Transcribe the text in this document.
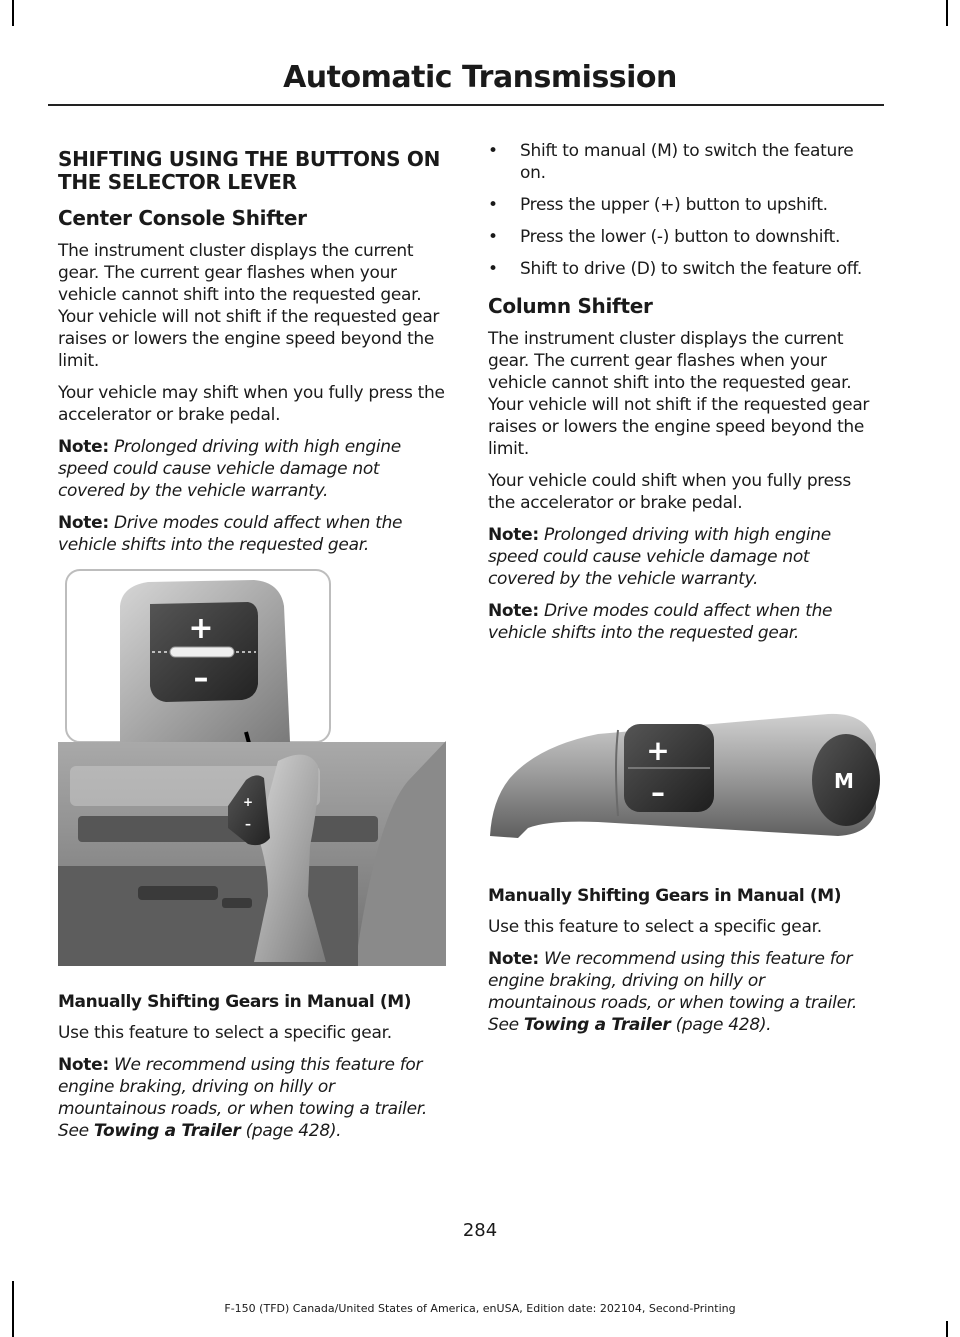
Automatic Transmission
SHIFTING USING THE BUTTONS ON THE SELECTOR LEVER
Center Console Shifter

The instrument cluster displays the current gear. The current gear flashes when your vehicle cannot shift into the requested gear. Your vehicle will not shift if the requested gear raises or lowers the engine speed beyond the limit.

Your vehicle may shift when you fully press the accelerator or brake pedal.

Note: Prolonged driving with high engine speed could cause vehicle damage not covered by the vehicle warranty.

Note: Drive modes could affect when the vehicle shifts into the requested gear.

+
–
+
–
Manually Shifting Gears in Manual (M)

Use this feature to select a specific gear.

Note: We recommend using this feature for engine braking, driving on hilly or mountainous roads, or when towing a trailer. See Towing a Trailer (page 428).

• Shift to manual (M) to switch the feature on.
• Press the upper (+) button to upshift.
• Press the lower (-) button to downshift.
• Shift to drive (D) to switch the feature off.
Column Shifter

The instrument cluster displays the current gear. The current gear flashes when your vehicle cannot shift into the requested gear. Your vehicle will not shift if the requested gear raises or lowers the engine speed beyond the limit.

Your vehicle could shift when you fully press the accelerator or brake pedal.

Note: Prolonged driving with high engine speed could cause vehicle damage not covered by the vehicle warranty.

Note: Drive modes could affect when the vehicle shifts into the requested gear.

+
–	M
Manually Shifting Gears in Manual (M)

Use this feature to select a specific gear.

Note: We recommend using this feature for engine braking, driving on hilly or mountainous roads, or when towing a trailer. See Towing a Trailer (page 428).

284
F-150 (TFD) Canada/United States of America, enUSA, Edition date: 202104, Second-Printing
